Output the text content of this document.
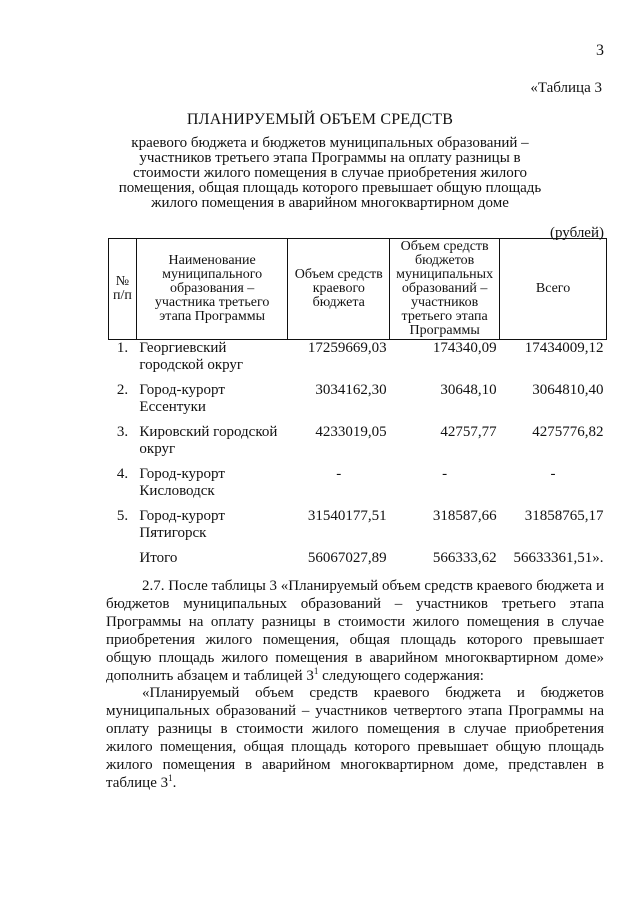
3
«Таблица 3
ПЛАНИРУЕМЫЙ ОБЪЕМ СРЕДСТВ
краевого бюджета и бюджетов муниципальных образований – участников третьего этапа Программы на оплату разницы в стоимости жилого помещения в случае приобретения жилого помещения, общая площадь которого превышает общую площадь жилого помещения в аварийном многоквартирном доме
(рублей)
№ п/п	Наименование муниципального образования – участника третьего этапа Программы	Объем средств краевого бюджета	Объем средств бюджетов муниципальных образований – участников третьего этапа Программы	Всего
1.	Георгиевский городской округ	17259669,03	174340,09	17434009,12
2.	Город-курорт Ессентуки	3034162,30	30648,10	3064810,40
3.	Кировский городской округ	4233019,05	42757,77	4275776,82
4.	Город-курорт Кисловодск	-	-	-
5.	Город-курорт Пятигорск	31540177,51	318587,66	31858765,17
	Итого	56067027,89	566333,62	56633361,51».
2.7. После таблицы 3 «Планируемый объем средств краевого бюджета и бюджетов муниципальных образований – участников третьего этапа Программы на оплату разницы в стоимости жилого помещения в случае приобретения жилого помещения, общая площадь которого превышает общую площадь жилого помещения в аварийном многоквартирном доме» дополнить абзацем и таблицей $3^1$ следующего содержания:
«Планируемый объем средств краевого бюджета и бюджетов муниципальных образований – участников четвертого этапа Программы на оплату разницы в стоимости жилого помещения в случае приобретения жилого помещения, общая площадь которого превышает общую площадь жилого помещения в аварийном многоквартирном доме, представлен в таблице $3^1$.
